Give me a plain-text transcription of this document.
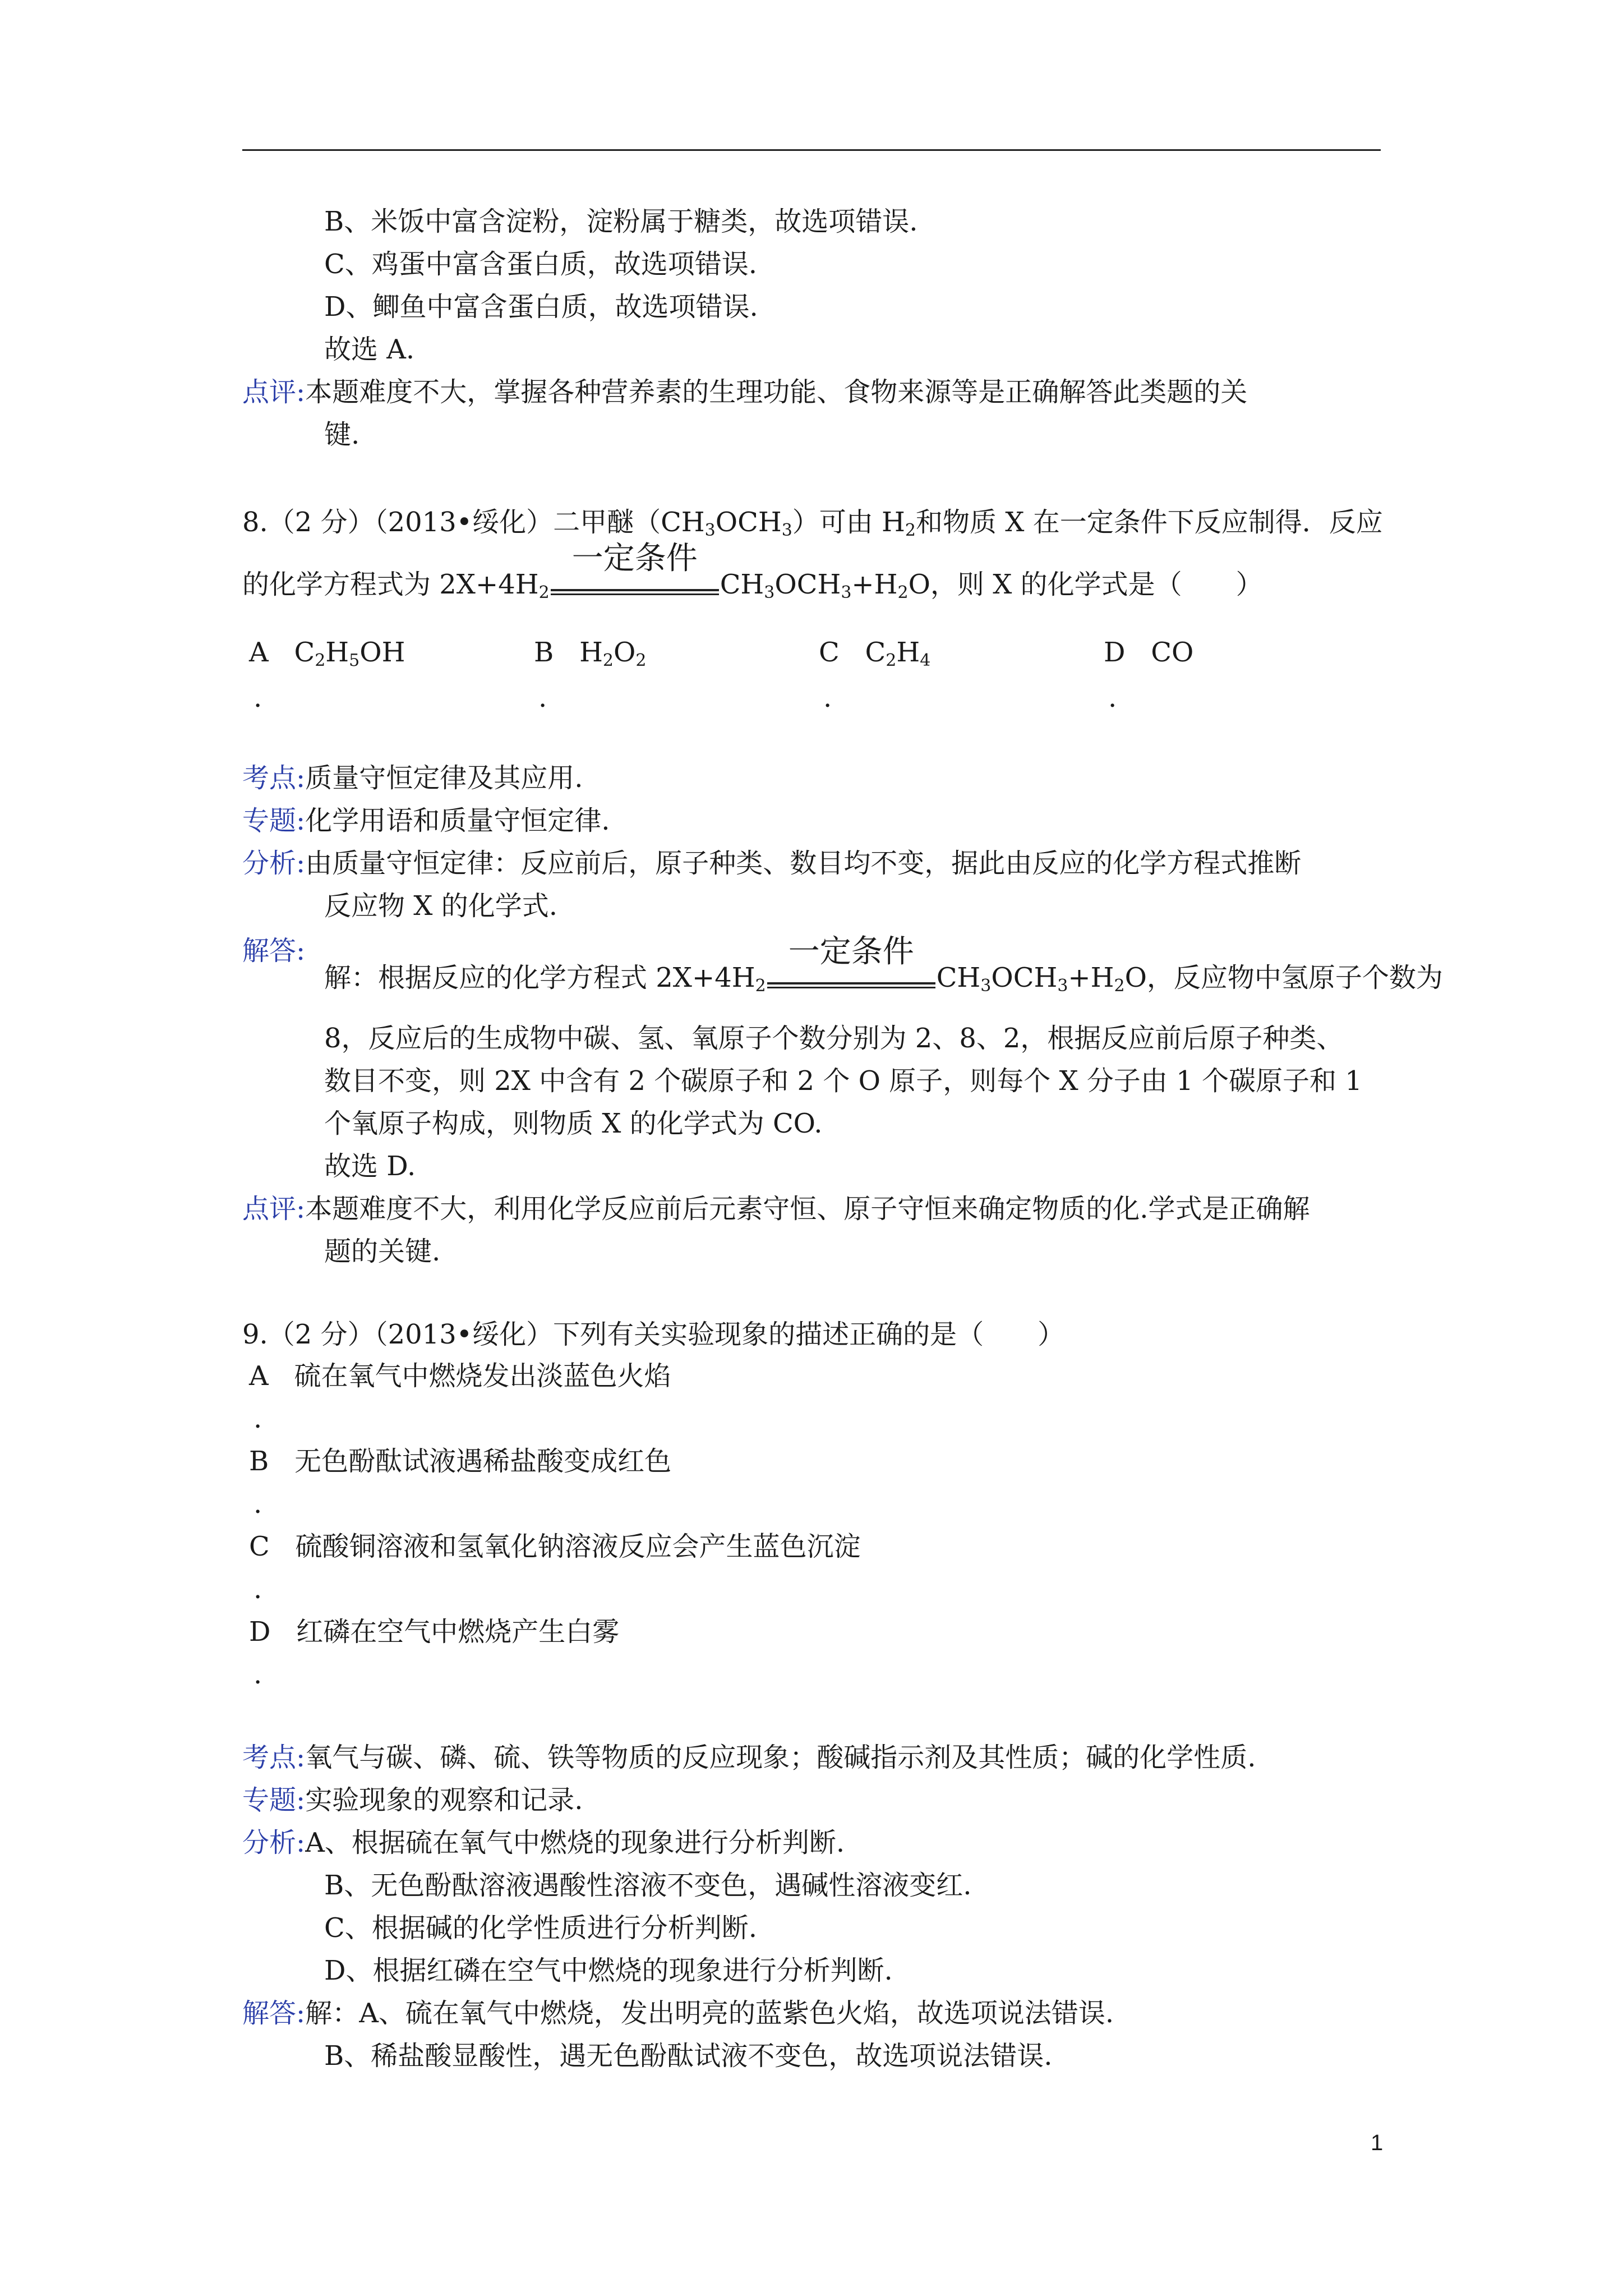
B、米饭中富含淀粉，淀粉属于糖类，故选项错误.
C、鸡蛋中富含蛋白质，故选项错误.
D、鲫鱼中富含蛋白质，故选项错误.
故选 A.
点评:本题难度不大，掌握各种营养素的生理功能、食物来源等是正确解答此类题的关
键.
8.（2 分）（2013•绥化）二甲醚$(CH_3OCH_3)$可由 $H_2$和物质 X 在一定条件下反应制得．反应
的化学方程式为 $2X+4H_2$
一定条件
$CH_3OCH_3+H_2O$，则 X 的化学式是（　　）
A $C_2H_5OH$	B $H_2O_2$	C $C_2H_4$	D CO
.	.	.	.
考点:质量守恒定律及其应用.
专题:化学用语和质量守恒定律.
分析:由质量守恒定律：反应前后，原子种类、数目均不变，据此由反应的化学方程式推断
反应物 X 的化学式.
解答:
解：根据反应的化学方程式 $2X+4H_2$
一定条件
$CH_3OCH_3+H_2O$，反应物中氢原子个数为
8，反应后的生成物中碳、氢、氧原子个数分别为 2、8、2，根据反应前后原子种类、
数目不变，则 2X 中含有 2 个碳原子和 2 个 O 原子，则每个 X 分子由 1 个碳原子和 1
个氧原子构成，则物质 X 的化学式为 CO.
故选 D.
点评:本题难度不大，利用化学反应前后元素守恒、原子守恒来确定物质的化.学式是正确解
题的关键.
9.（2 分）（2013•绥化）下列有关实验现象的描述正确的是（　　）
A 硫在氧气中燃烧发出淡蓝色火焰
.
B 无色酚酞试液遇稀盐酸变成红色
.
C 硫酸铜溶液和氢氧化钠溶液反应会产生蓝色沉淀
.
D 红磷在空气中燃烧产生白雾
.
考点:氧气与碳、磷、硫、铁等物质的反应现象；酸碱指示剂及其性质；碱的化学性质.
专题:实验现象的观察和记录.
分析:A、根据硫在氧气中燃烧的现象进行分析判断.
B、无色酚酞溶液遇酸性溶液不变色，遇碱性溶液变红.
C、根据碱的化学性质进行分析判断.
D、根据红磷在空气中燃烧的现象进行分析判断.
解答:解：A、硫在氧气中燃烧，发出明亮的蓝紫色火焰，故选项说法错误.
B、稀盐酸显酸性，遇无色酚酞试液不变色，故选项说法错误.
1
